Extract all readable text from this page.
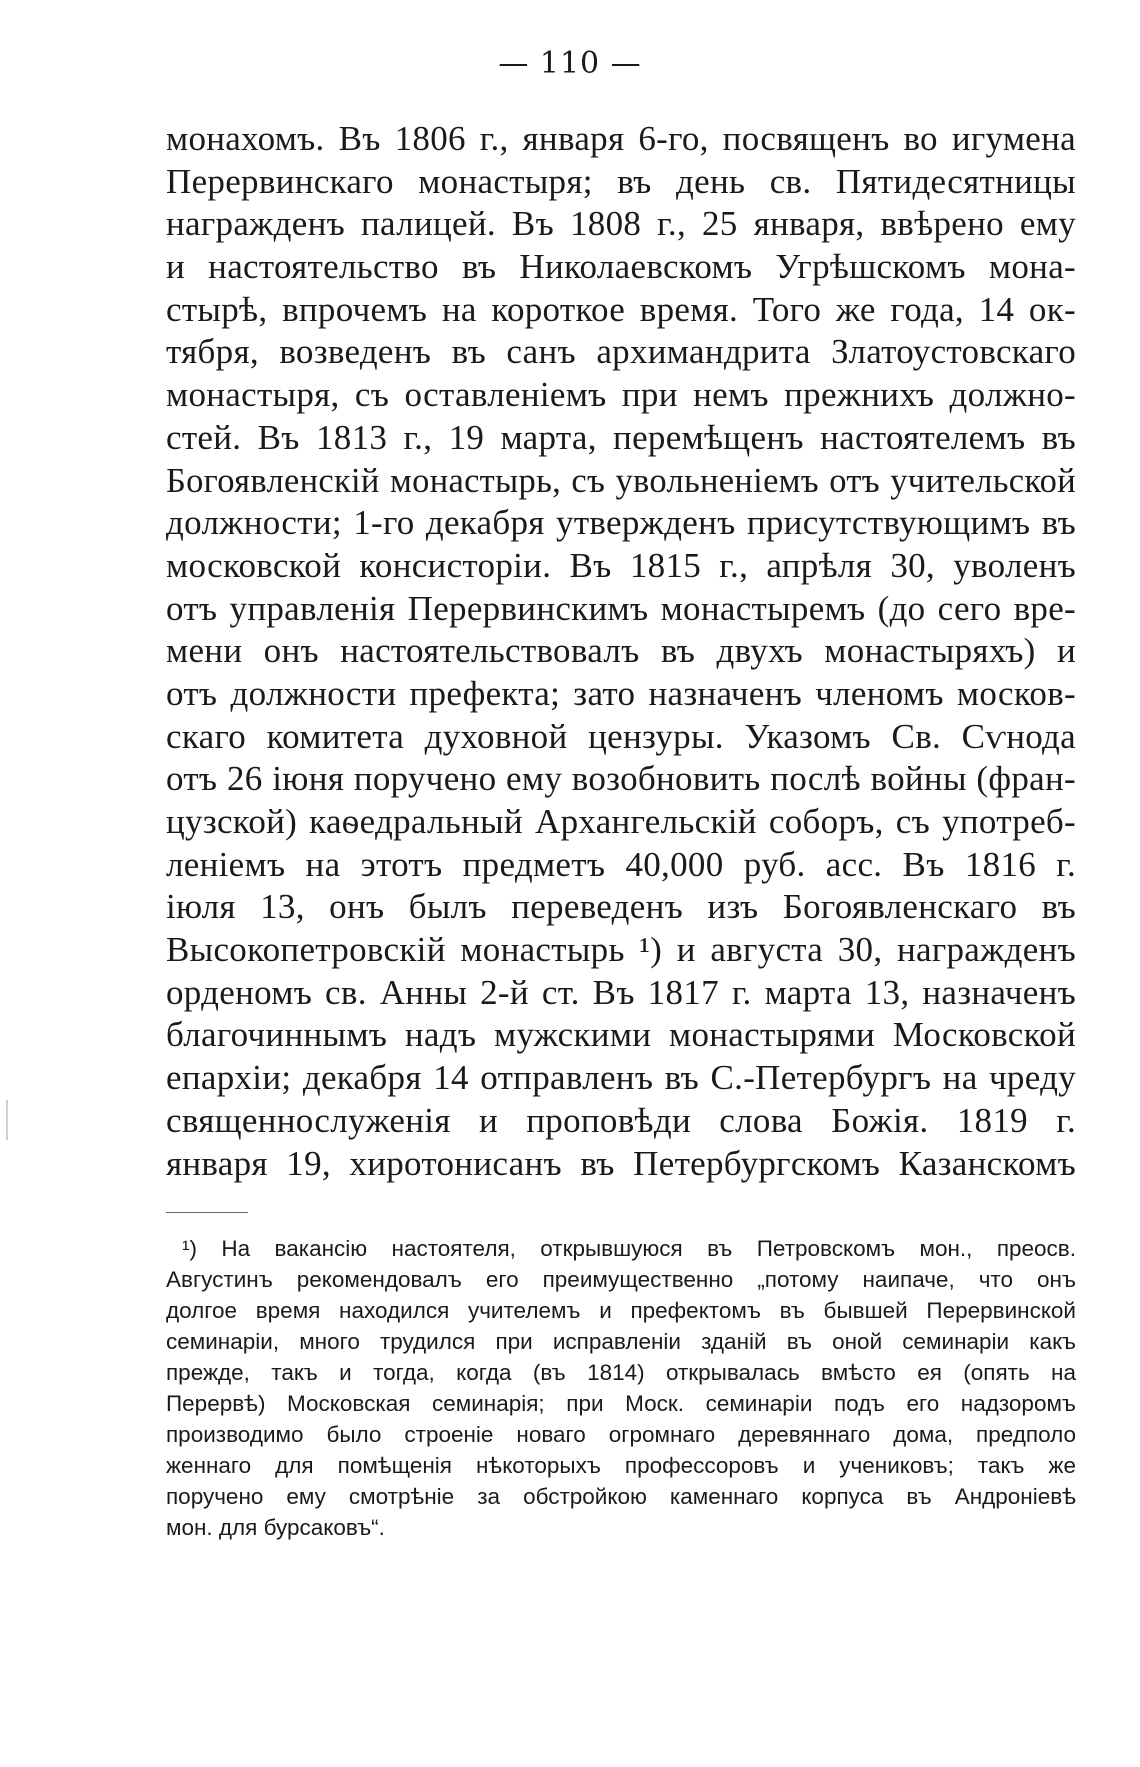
— 110 —
монахомъ. Въ 1806 г., января 6-го, посвященъ во игумена
Перервинскаго монастыря; въ день св. Пятидесятницы
награжденъ палицей. Въ 1808 г., 25 января, ввѣрено ему
и настоятельство въ Николаевскомъ Угрѣшскомъ мона-
стырѣ, впрочемъ на короткое время. Того же года, 14 ок-
тября, возведенъ въ санъ архимандрита Златоустовскаго
монастыря, съ оставленіемъ при немъ прежнихъ должно-
стей. Въ 1813 г., 19 марта, перемѣщенъ настоятелемъ въ
Богоявленскій монастырь, съ увольненіемъ отъ учительской
должности; 1-го декабря утвержденъ присутствующимъ въ
московской консисторіи. Въ 1815 г., апрѣля 30, уволенъ
отъ управленія Перервинскимъ монастыремъ (до сего вре-
мени онъ настоятельствовалъ въ двухъ монастыряхъ) и
отъ должности префекта; зато назначенъ членомъ москов-
скаго комитета духовной цензуры. Указомъ Св. Сѵнода
отъ 26 іюня поручено ему возобновить послѣ войны (фран-
цузской) каѳедральный Архангельскій соборъ, съ употреб-
леніемъ на этотъ предметъ 40,000 руб. асс. Въ 1816 г.
іюля 13, онъ былъ переведенъ изъ Богоявленскаго въ
Высокопетровскій монастырь ¹) и августа 30, награжденъ
орденомъ св. Анны 2-й ст. Въ 1817 г. марта 13, назначенъ
благочиннымъ надъ мужскими монастырями Московской
епархіи; декабря 14 отправленъ въ С.-Петербургъ на чреду
священнослуженія и проповѣди слова Божія. 1819 г.
января 19, хиротонисанъ въ Петербургскомъ Казанскомъ
¹) На вакансію настоятеля, открывшуюся въ Петровскомъ мон., преосв.
Августинъ рекомендовалъ его преимущественно „потому наипаче, что онъ
долгое время находился учителемъ и префектомъ въ бывшей Перервинской
семинаріи, много трудился при исправленіи зданій въ оной семинаріи какъ
прежде, такъ и тогда, когда (въ 1814) открывалась вмѣсто ея (опять на
Перервѣ) Московская семинарія; при Моск. семинаріи подъ его надзоромъ
производимо было строеніе новаго огромнаго деревяннаго дома, предполо
женнаго для помѣщенія нѣкоторыхъ профессоровъ и учениковъ; такъ же
поручено ему смотрѣніе за обстройкою каменнаго корпуса въ Андроніевѣ
мон. для бурсаковъ“.
